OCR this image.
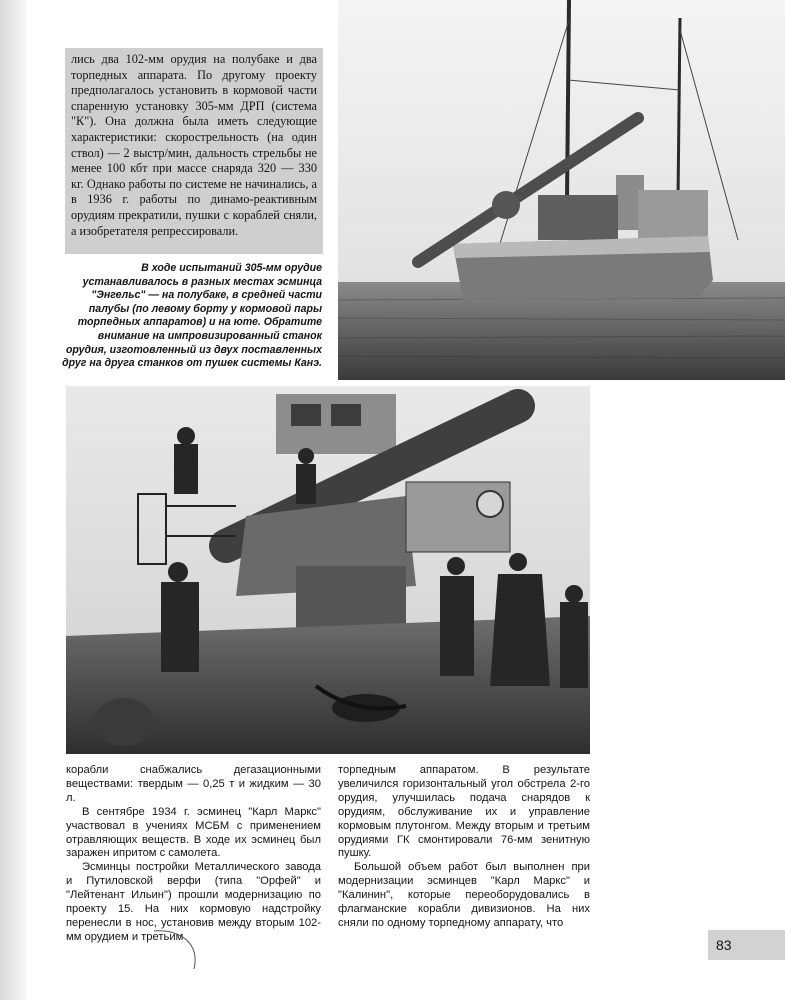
лись два 102-мм орудия на полубаке и два торпедных аппарата. По другому проекту предполагалось установить в кормовой части спаренную установку 305-мм ДРП (система "К"). Она должна была иметь следующие характеристики: скорострельность (на один ствол) — 2 выстр/мин, дальность стрельбы не менее 100 кбт при массе снаряда 320 — 330 кг. Однако работы по системе не начинались, а в 1936 г. работы по динамо-реактивным орудиям прекратили, пушки с кораблей сняли, а изобретателя репрессировали.

В ходе испытаний 305-мм орудие устанавливалось в разных местах эсминца "Энгельс" — на полубаке, в средней части палубы (по левому борту у кормовой пары торпедных аппаратов) и на юте. Обратите внимание на импровизированный станок орудия, изготовленный из двух поставленных друг на друга станков от пушек системы Канэ.

корабли снабжались дегазационными веществами: твердым — 0,25 т и жидким — 30 л.

В сентябре 1934 г. эсминец "Карл Маркс" участвовал в учениях МСБМ с применением отравляющих веществ. В ходе их эсминец был заражен ипритом с самолета.

Эсминцы постройки Металлического завода и Путиловской верфи (типа "Орфей" и "Лейтенант Ильин") прошли модернизацию по проекту 15. На них кормовую надстройку перенесли в нос, установив между вторым 102-мм орудием и третьим

торпедным аппаратом. В результате увеличился горизонтальный угол обстрела 2-го орудия, улучшилась подача снарядов к орудиям, обслуживание их и управление кормовым плутонгом. Между вторым и третьим орудиями ГК смонтировали 76-мм зенитную пушку.

Большой объем работ был выполнен при модернизации эсминцев "Карл Маркс" и "Калинин", которые переоборудовались в флагманские корабли дивизионов. На них сняли по одному торпедному аппарату, что

83
